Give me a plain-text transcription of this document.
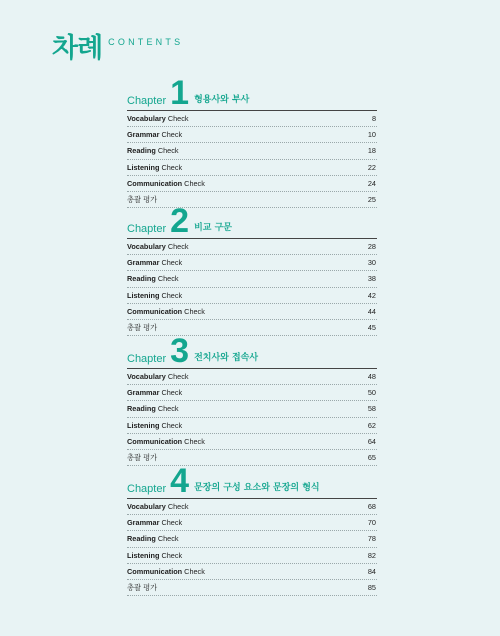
차례 CONTENTS
Chapter 1 형용사와 부사
Vocabulary Check	8
Grammar Check	10
Reading Check	18
Listening Check	22
Communication Check	24
총괄 평가	25
Chapter 2 비교 구문
Vocabulary Check	28
Grammar Check	30
Reading Check	38
Listening Check	42
Communication Check	44
총괄 평가	45
Chapter 3 전치사와 접속사
Vocabulary Check	48
Grammar Check	50
Reading Check	58
Listening Check	62
Communication Check	64
총괄 평가	65
Chapter 4 문장의 구성 요소와 문장의 형식
Vocabulary Check	68
Grammar Check	70
Reading Check	78
Listening Check	82
Communication Check	84
총괄 평가	85
